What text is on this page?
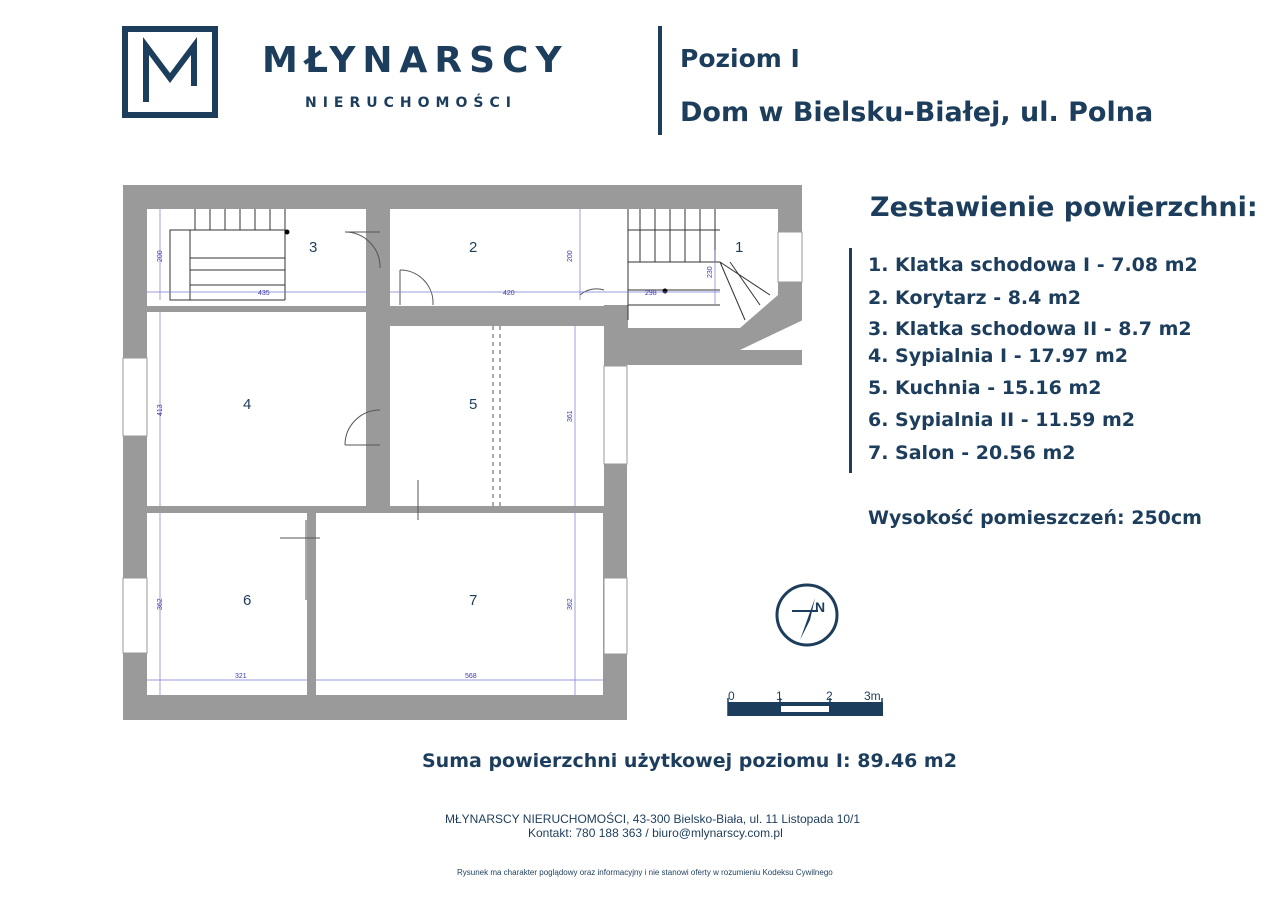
MŁYNARSCY
NIERUCHOMOŚCI
Poziom I
Dom w Bielsku-Białej, ul. Polna
Zestawienie powierzchni:
1. Klatka schodowa I - 7.08 m2
2. Korytarz - 8.4 m2
3. Klatka schodowa II - 8.7 m2
4. Sypialnia I - 17.97 m2
5. Kuchnia - 15.16 m2
6. Sypialnia II - 11.59 m2
7. Salon - 20.56 m2
Wysokość pomieszczeń: 250cm
200
435
200
420
230
298
413
361
362	362
321	568
1
2
3
4	5
6	7	N
0	1	2	3m
Suma powierzchni użytkowej poziomu I: 89.46 m2
MŁYNARSCY NIERUCHOMOŚCI, 43-300 Bielsko-Biała, ul. 11 Listopada 10/1
Kontakt: 780 188 363 / biuro@mlynarscy.com.pl
Rysunek ma charakter poglądowy oraz informacyjny i nie stanowi oferty w rozumieniu Kodeksu Cywilnego
